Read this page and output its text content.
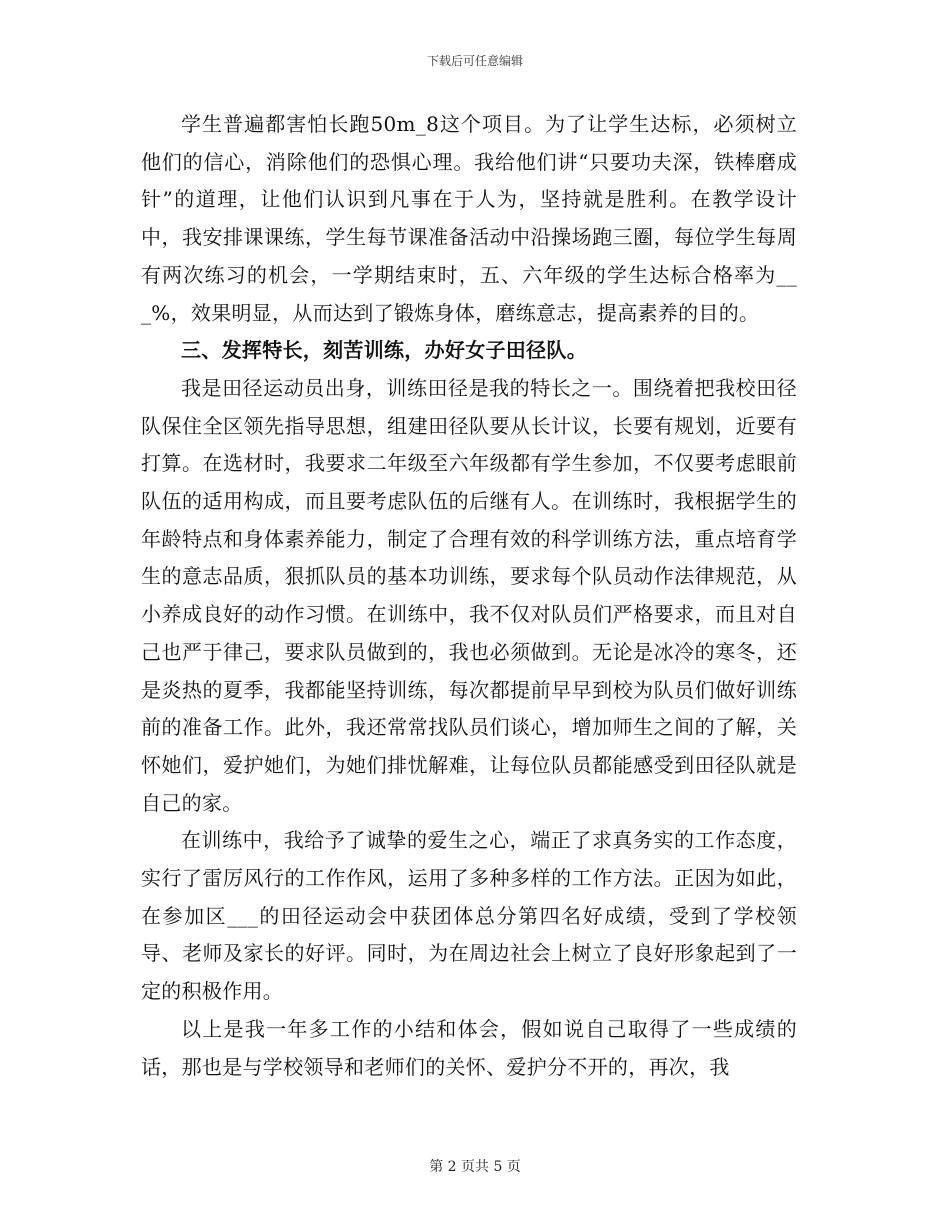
下载后可任意编辑

学生普遍都害怕长跑50m_8这个项目。为了让学生达标，必须树立他们的信心，消除他们的恐惧心理。我给他们讲“只要功夫深，铁棒磨成针”的道理，让他们认识到凡事在于人为，坚持就是胜利。在教学设计中，我安排课课练，学生每节课准备活动中沿操场跑三圈，每位学生每周有两次练习的机会，一学期结束时，五、六年级的学生达标合格率为___%，效果明显，从而达到了锻炼身体，磨练意志，提高素养的目的。

三、发挥特长，刻苦训练，办好女子田径队。

我是田径运动员出身，训练田径是我的特长之一。围绕着把我校田径队保住全区领先指导思想，组建田径队要从长计议，长要有规划，近要有打算。在选材时，我要求二年级至六年级都有学生参加，不仅要考虑眼前队伍的适用构成，而且要考虑队伍的后继有人。在训练时，我根据学生的年龄特点和身体素养能力，制定了合理有效的科学训练方法，重点培育学生的意志品质，狠抓队员的基本功训练，要求每个队员动作法律规范，从小养成良好的动作习惯。在训练中，我不仅对队员们严格要求，而且对自己也严于律己，要求队员做到的，我也必须做到。无论是冰冷的寒冬，还是炎热的夏季，我都能坚持训练，每次都提前早早到校为队员们做好训练前的准备工作。此外，我还常常找队员们谈心，增加师生之间的了解，关怀她们，爱护她们，为她们排忧解难，让每位队员都能感受到田径队就是自己的家。

在训练中，我给予了诚挚的爱生之心，端正了求真务实的工作态度，实行了雷厉风行的工作作风，运用了多种多样的工作方法。正因为如此，在参加区___的田径运动会中获团体总分第四名好成绩，受到了学校领导、老师及家长的好评。同时，为在周边社会上树立了良好形象起到了一定的积极作用。

以上是我一年多工作的小结和体会，假如说自己取得了一些成绩的话，那也是与学校领导和老师们的关怀、爱护分不开的，再次，我

第 2 页共 5 页
